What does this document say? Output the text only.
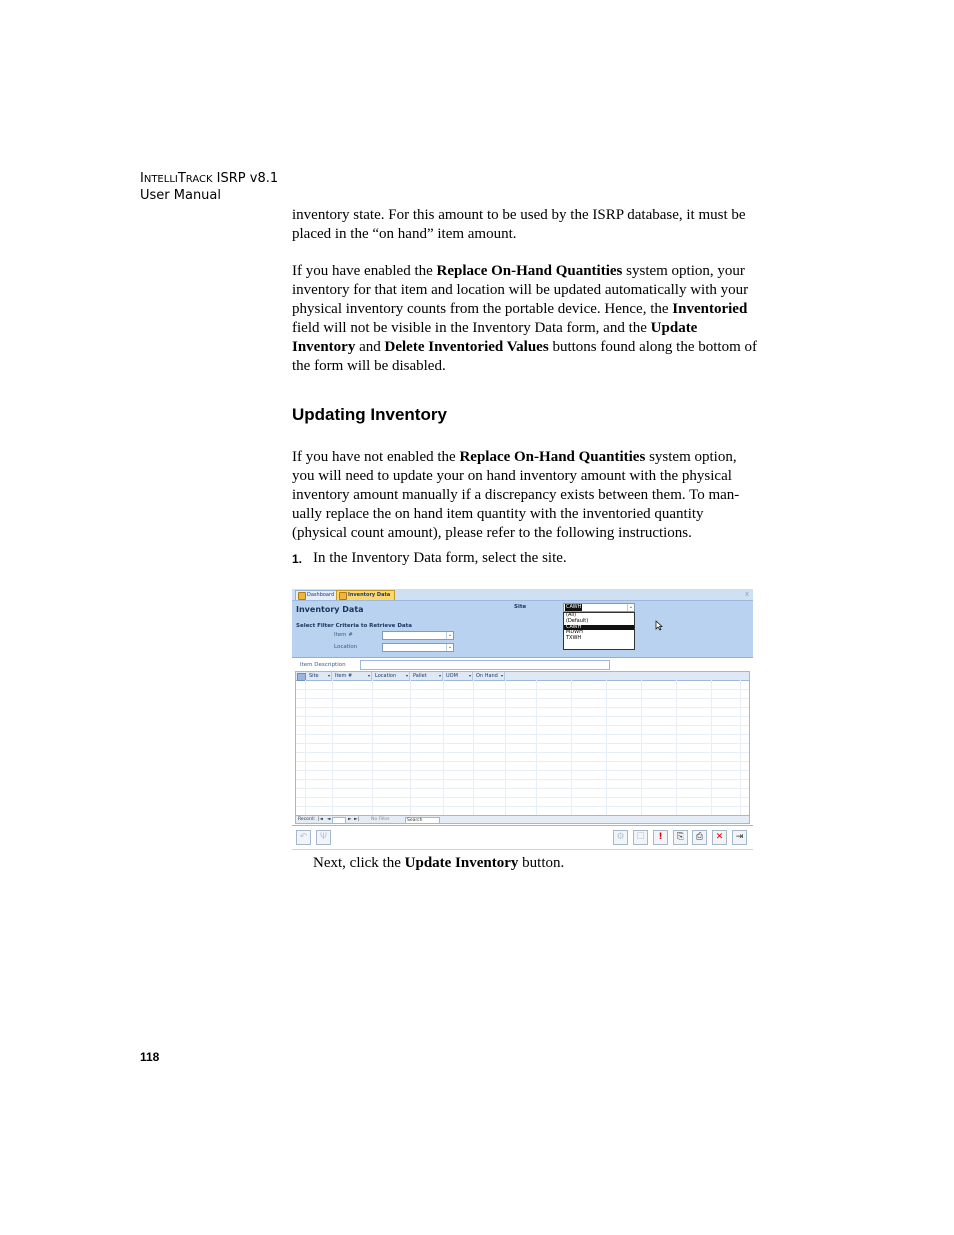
INTELLITRACK ISRP v8.1
User Manual

inventory state. For this amount to be used by the ISRP database, it must be placed in the “on hand” item amount.

If you have enabled the Replace On-Hand Quantities system option, your inventory for that item and location will be updated automatically with your physical inventory counts from the portable device. Hence, the Inventoried field will not be visible in the Inventory Data form, and the Update Inventory and Delete Inventoried Values buttons found along the bottom of the form will be disabled.

Updating Inventory

If you have not enabled the Replace On-Hand Quantities system option, you will need to update your on hand inventory amount with the physical inventory amount manually if a discrepancy exists between them. To man-ually replace the on hand item quantity with the inventoried quantity (physical count amount), please refer to the following instructions.

1. In the Inventory Data form, select the site.
Dashboard	Inventory Data	x
Inventory Data
Select Filter Criteria to Retrieve Data
Item #	⌄
Location	⌄
Site	CAWH	⌄
(All)
(Default)
CAWH
MDWH
TXWH
Item Description
Site ▾	Item #	▾	Location ▾	Pallet	▾	UOM	▾	On Hand ▾
Record: |◄ ◄	► ►|	No Filter	Search
↶	Ψ	⚙	☐	!	⎘	⎙	✕	⇥
Next, click the Update Inventory button.
118
